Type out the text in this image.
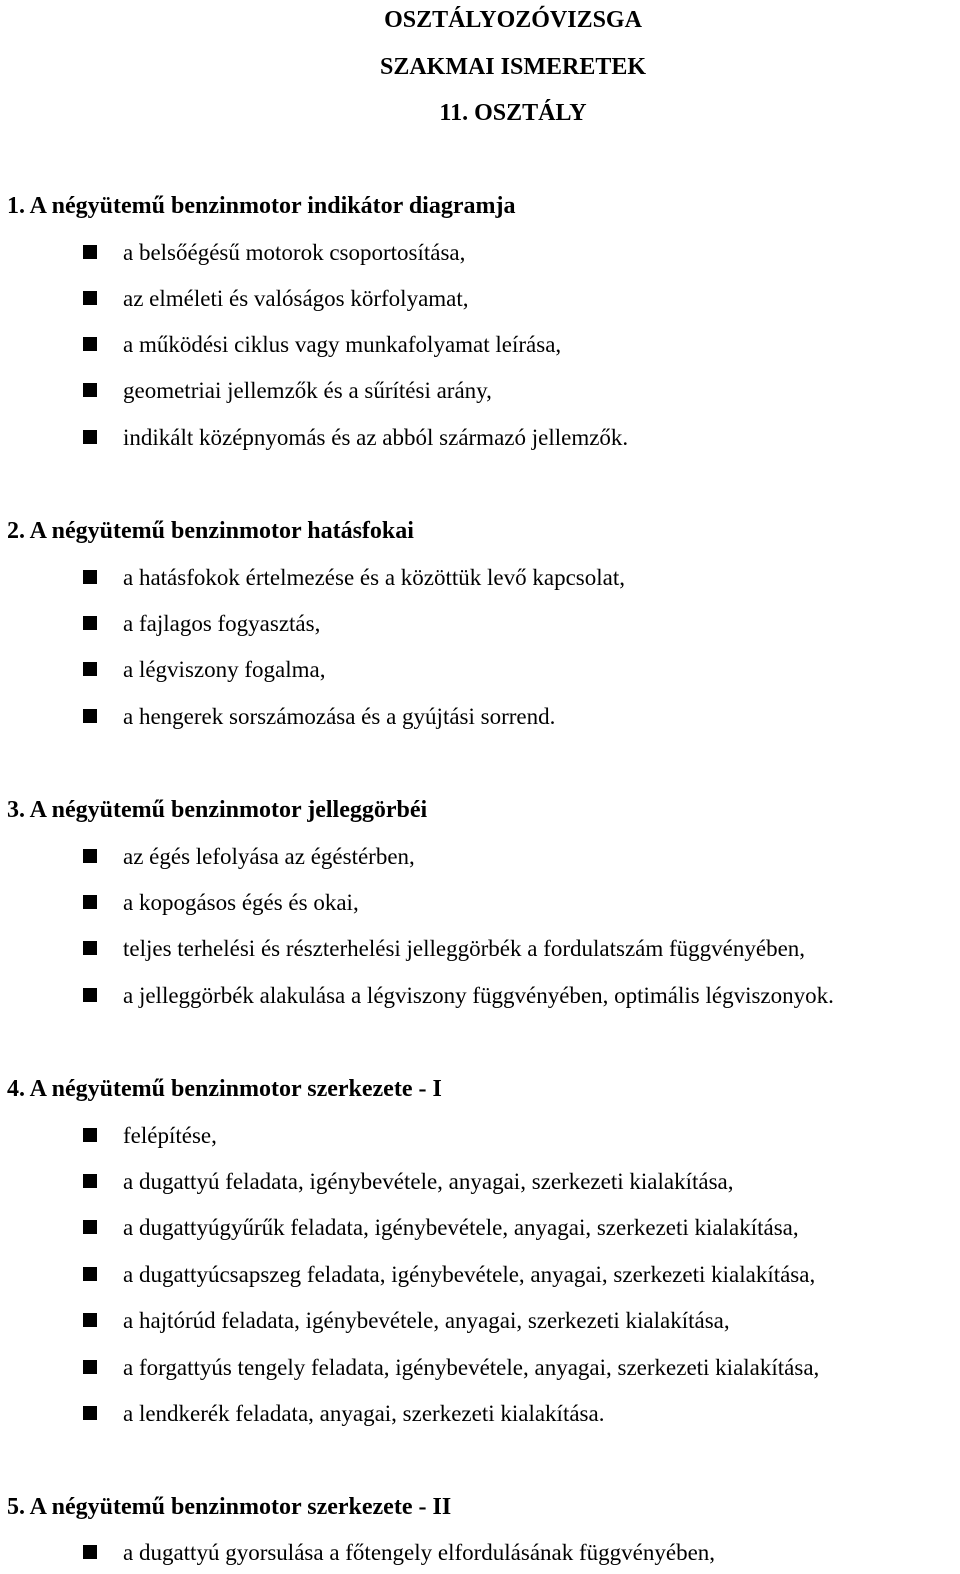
OSZTÁLYOZÓVIZSGA
SZAKMAI ISMERETEK
11. OSZTÁLY
1. A négyütemű benzinmotor indikátor diagramja
a belsőégésű motorok csoportosítása,
az elméleti és valóságos körfolyamat,
a működési ciklus vagy munkafolyamat leírása,
geometriai jellemzők és a sűrítési arány,
indikált középnyomás és az abból származó jellemzők.
2. A négyütemű benzinmotor hatásfokai
a hatásfokok értelmezése és a közöttük levő kapcsolat,
a fajlagos fogyasztás,
a légviszony fogalma,
a hengerek sorszámozása és a gyújtási sorrend.
3. A négyütemű benzinmotor jelleggörbéi
az égés lefolyása az égéstérben,
a kopogásos égés és okai,
teljes terhelési és részterhelési jelleggörbék a fordulatszám függvényében,
a jelleggörbék alakulása a légviszony függvényében, optimális légviszonyok.
4. A négyütemű benzinmotor szerkezete - I
felépítése,
a dugattyú feladata, igénybevétele, anyagai, szerkezeti kialakítása,
a dugattyúgyűrűk feladata, igénybevétele, anyagai, szerkezeti kialakítása,
a dugattyúcsapszeg feladata, igénybevétele, anyagai, szerkezeti kialakítása,
a hajtórúd feladata, igénybevétele, anyagai, szerkezeti kialakítása,
a forgattyús tengely feladata, igénybevétele, anyagai, szerkezeti kialakítása,
a lendkerék feladata, anyagai, szerkezeti kialakítása.
5. A négyütemű benzinmotor szerkezete - II
a dugattyú gyorsulása a főtengely elfordulásának függvényében,
